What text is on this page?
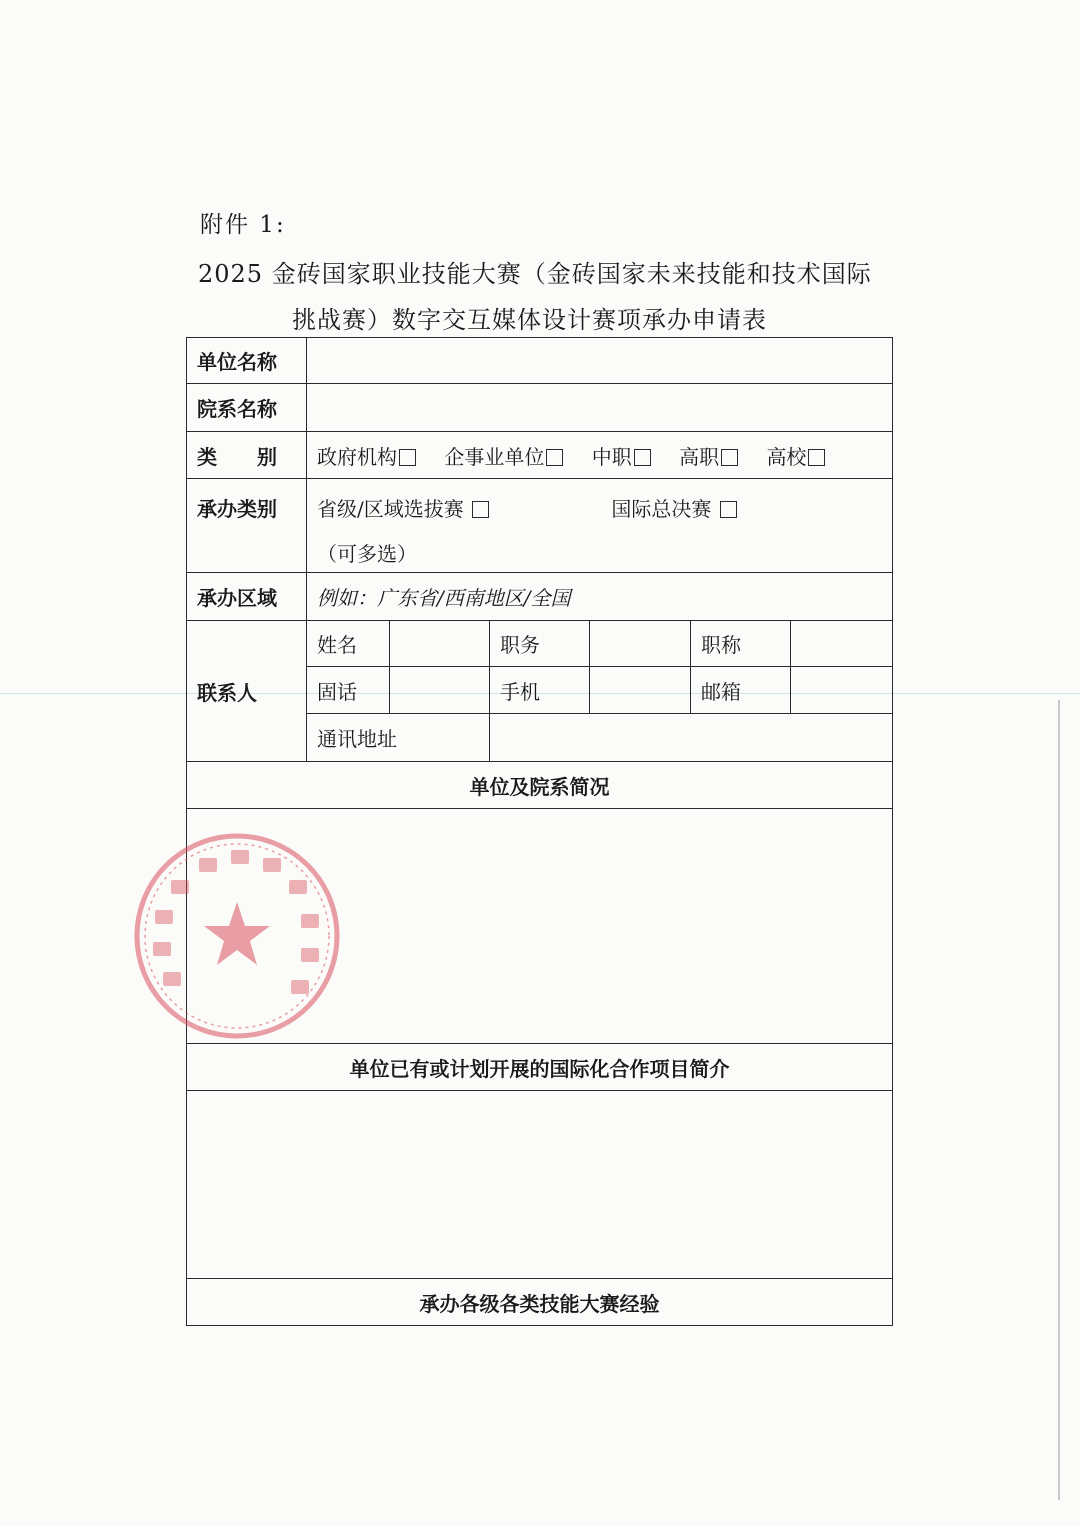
附件 1:
2025 金砖国家职业技能大赛（金砖国家未来技能和技术国际
挑战赛）数字交互媒体设计赛项承办申请表
单位名称						
院系名称						
类　　别	政府机构 企事业单位 中职 高职 高校					
承办类别	省级/区域选拔赛 国际总决赛
（可多选）					

承办区域	例如：广东省/西南地区/全国					
联系人	姓名		职务		职称	
	固话		手机		邮箱	
	通讯地址					
单位及院系简况						

单位已有或计划开展的国际化合作项目简介						

承办各级各类技能大赛经验						
